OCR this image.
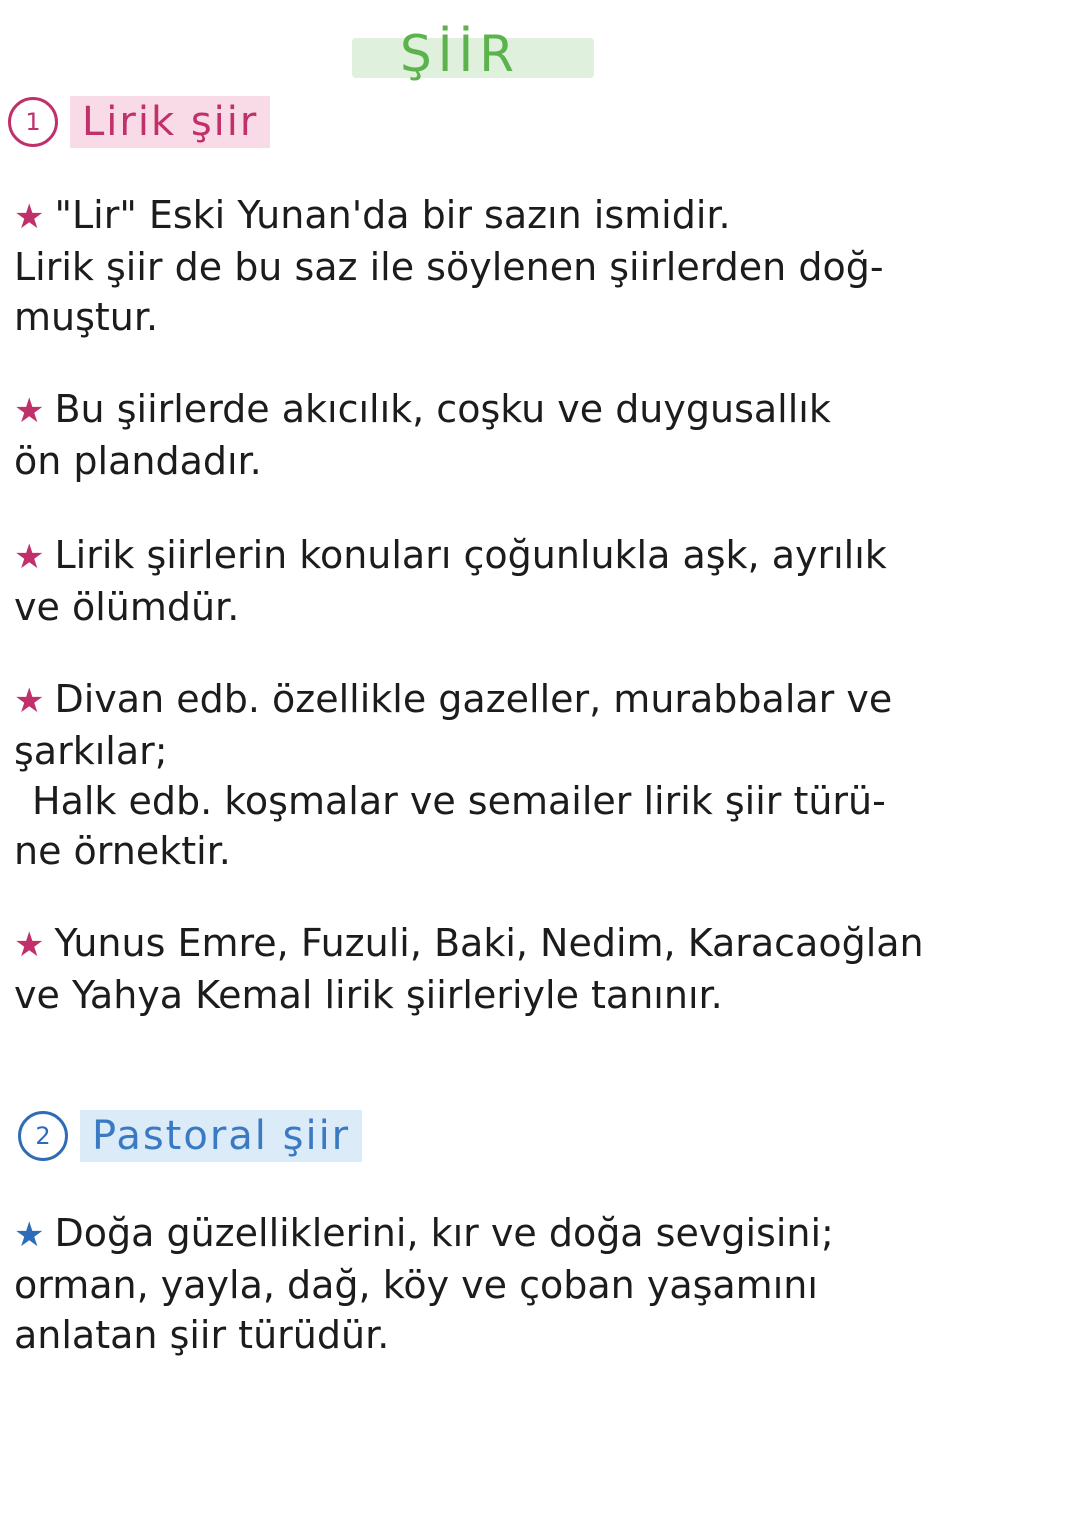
ŞİİR
1	Lirik şiir

★ "Lir" Eski Yunan'da bir sazın ismidir.
Lirik şiir de bu saz ile söylenen şiirlerden doğ-
muştur.

★ Bu şiirlerde akıcılık, coşku ve duygusallık
ön plandadır.

★ Lirik şiirlerin konuları çoğunlukla aşk, ayrılık
ve ölümdür.

★ Divan edb. özellikle gazeller, murabbalar ve
şarkılar;
Halk edb. koşmalar ve semailer lirik şiir türü-
ne örnektir.

★ Yunus Emre, Fuzuli, Baki, Nedim, Karacaoğlan
ve Yahya Kemal lirik şiirleriyle tanınır.

2	Pastoral şiir

★ Doğa güzelliklerini, kır ve doğa sevgisini;
orman, yayla, dağ, köy ve çoban yaşamını
anlatan şiir türüdür.
